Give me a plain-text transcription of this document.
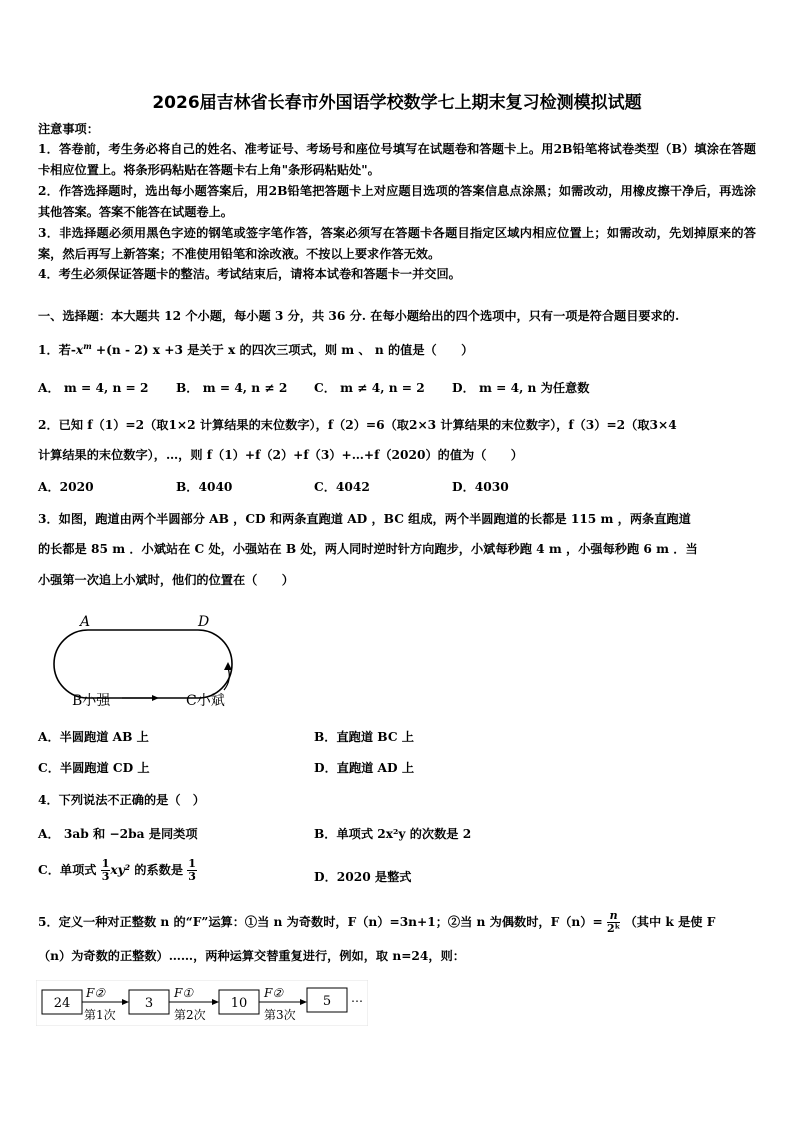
2026届吉林省长春市外国语学校数学七上期末复习检测模拟试题
注意事项：
1．答卷前，考生务必将自己的姓名、准考证号、考场号和座位号填写在试题卷和答题卡上。用2B铅笔将试卷类型（B）填涂在答题卡相应位置上。将条形码粘贴在答题卡右上角"条形码粘贴处"。
2．作答选择题时，选出每小题答案后，用2B铅笔把答题卡上对应题目选项的答案信息点涂黑；如需改动，用橡皮擦干净后，再选涂其他答案。答案不能答在试题卷上。
3．非选择题必须用黑色字迹的钢笔或签字笔作答，答案必须写在答题卡各题目指定区域内相应位置上；如需改动，先划掉原来的答案，然后再写上新答案；不准使用铅笔和涂改液。不按以上要求作答无效。
4．考生必须保证答题卡的整洁。考试结束后，请将本试卷和答题卡一并交回。
一、选择题：本大题共 12 个小题，每小题 3 分，共 36 分. 在每小题给出的四个选项中，只有一项是符合题目要求的.
1．若$-x^m +(n - 2)$ x +3 是关于 x 的四次三项式，则 m 、 n 的值是（　　）
A． m = 4, n = 2 B． m = 4, n ≠ 2 C． m ≠ 4, n = 2 D． m = 4, n 为任意数
2．已知 f（1）=2（取1×2 计算结果的末位数字），f（2）=6（取2×3 计算结果的末位数字），f（3）=2（取3×4
计算结果的末位数字），…，则 f（1）+f（2）+f（3）+…+f（2020）的值为（　　）
A．2020	B．4040	C．4042	D．4030
3．如图，跑道由两个半圆部分 AB ，CD 和两条直跑道 AD ，BC 组成，两个半圆跑道的长都是 115 m ，两条直跑道
的长都是 85 m ．小斌站在 C 处，小强站在 B 处，两人同时逆时针方向跑步，小斌每秒跑 4 m ，小强每秒跑 6 m ．当
小强第一次追上小斌时，他们的位置在（　　）
A	D
B小强	C小斌
A．半圆跑道 AB 上	B．直跑道 BC 上
C．半圆跑道 CD 上	D．直跑道 AD 上
4．下列说法不正确的是（　）
A． 3ab 和 −2ba 是同类项	B．单项式 2x²y 的次数是 2
C．单项式 $\frac{1}{3} xy^2$ 的系数是 $\frac{1}{3}$	D．2020 是整式
5．定义一种对正整数 n 的“F”运算：①当 n 为奇数时，F（n）=3n+1；②当 n 为偶数时，$F(n)= \frac{n}{\text{2ᵏ}}$ （其中 k 是使 F
（n）为奇数的正整数）……，两种运算交替重复进行，例如，取 n=24，则：
24
F②
第1次
3
F①
第2次
10
F②
第3次
5 …
